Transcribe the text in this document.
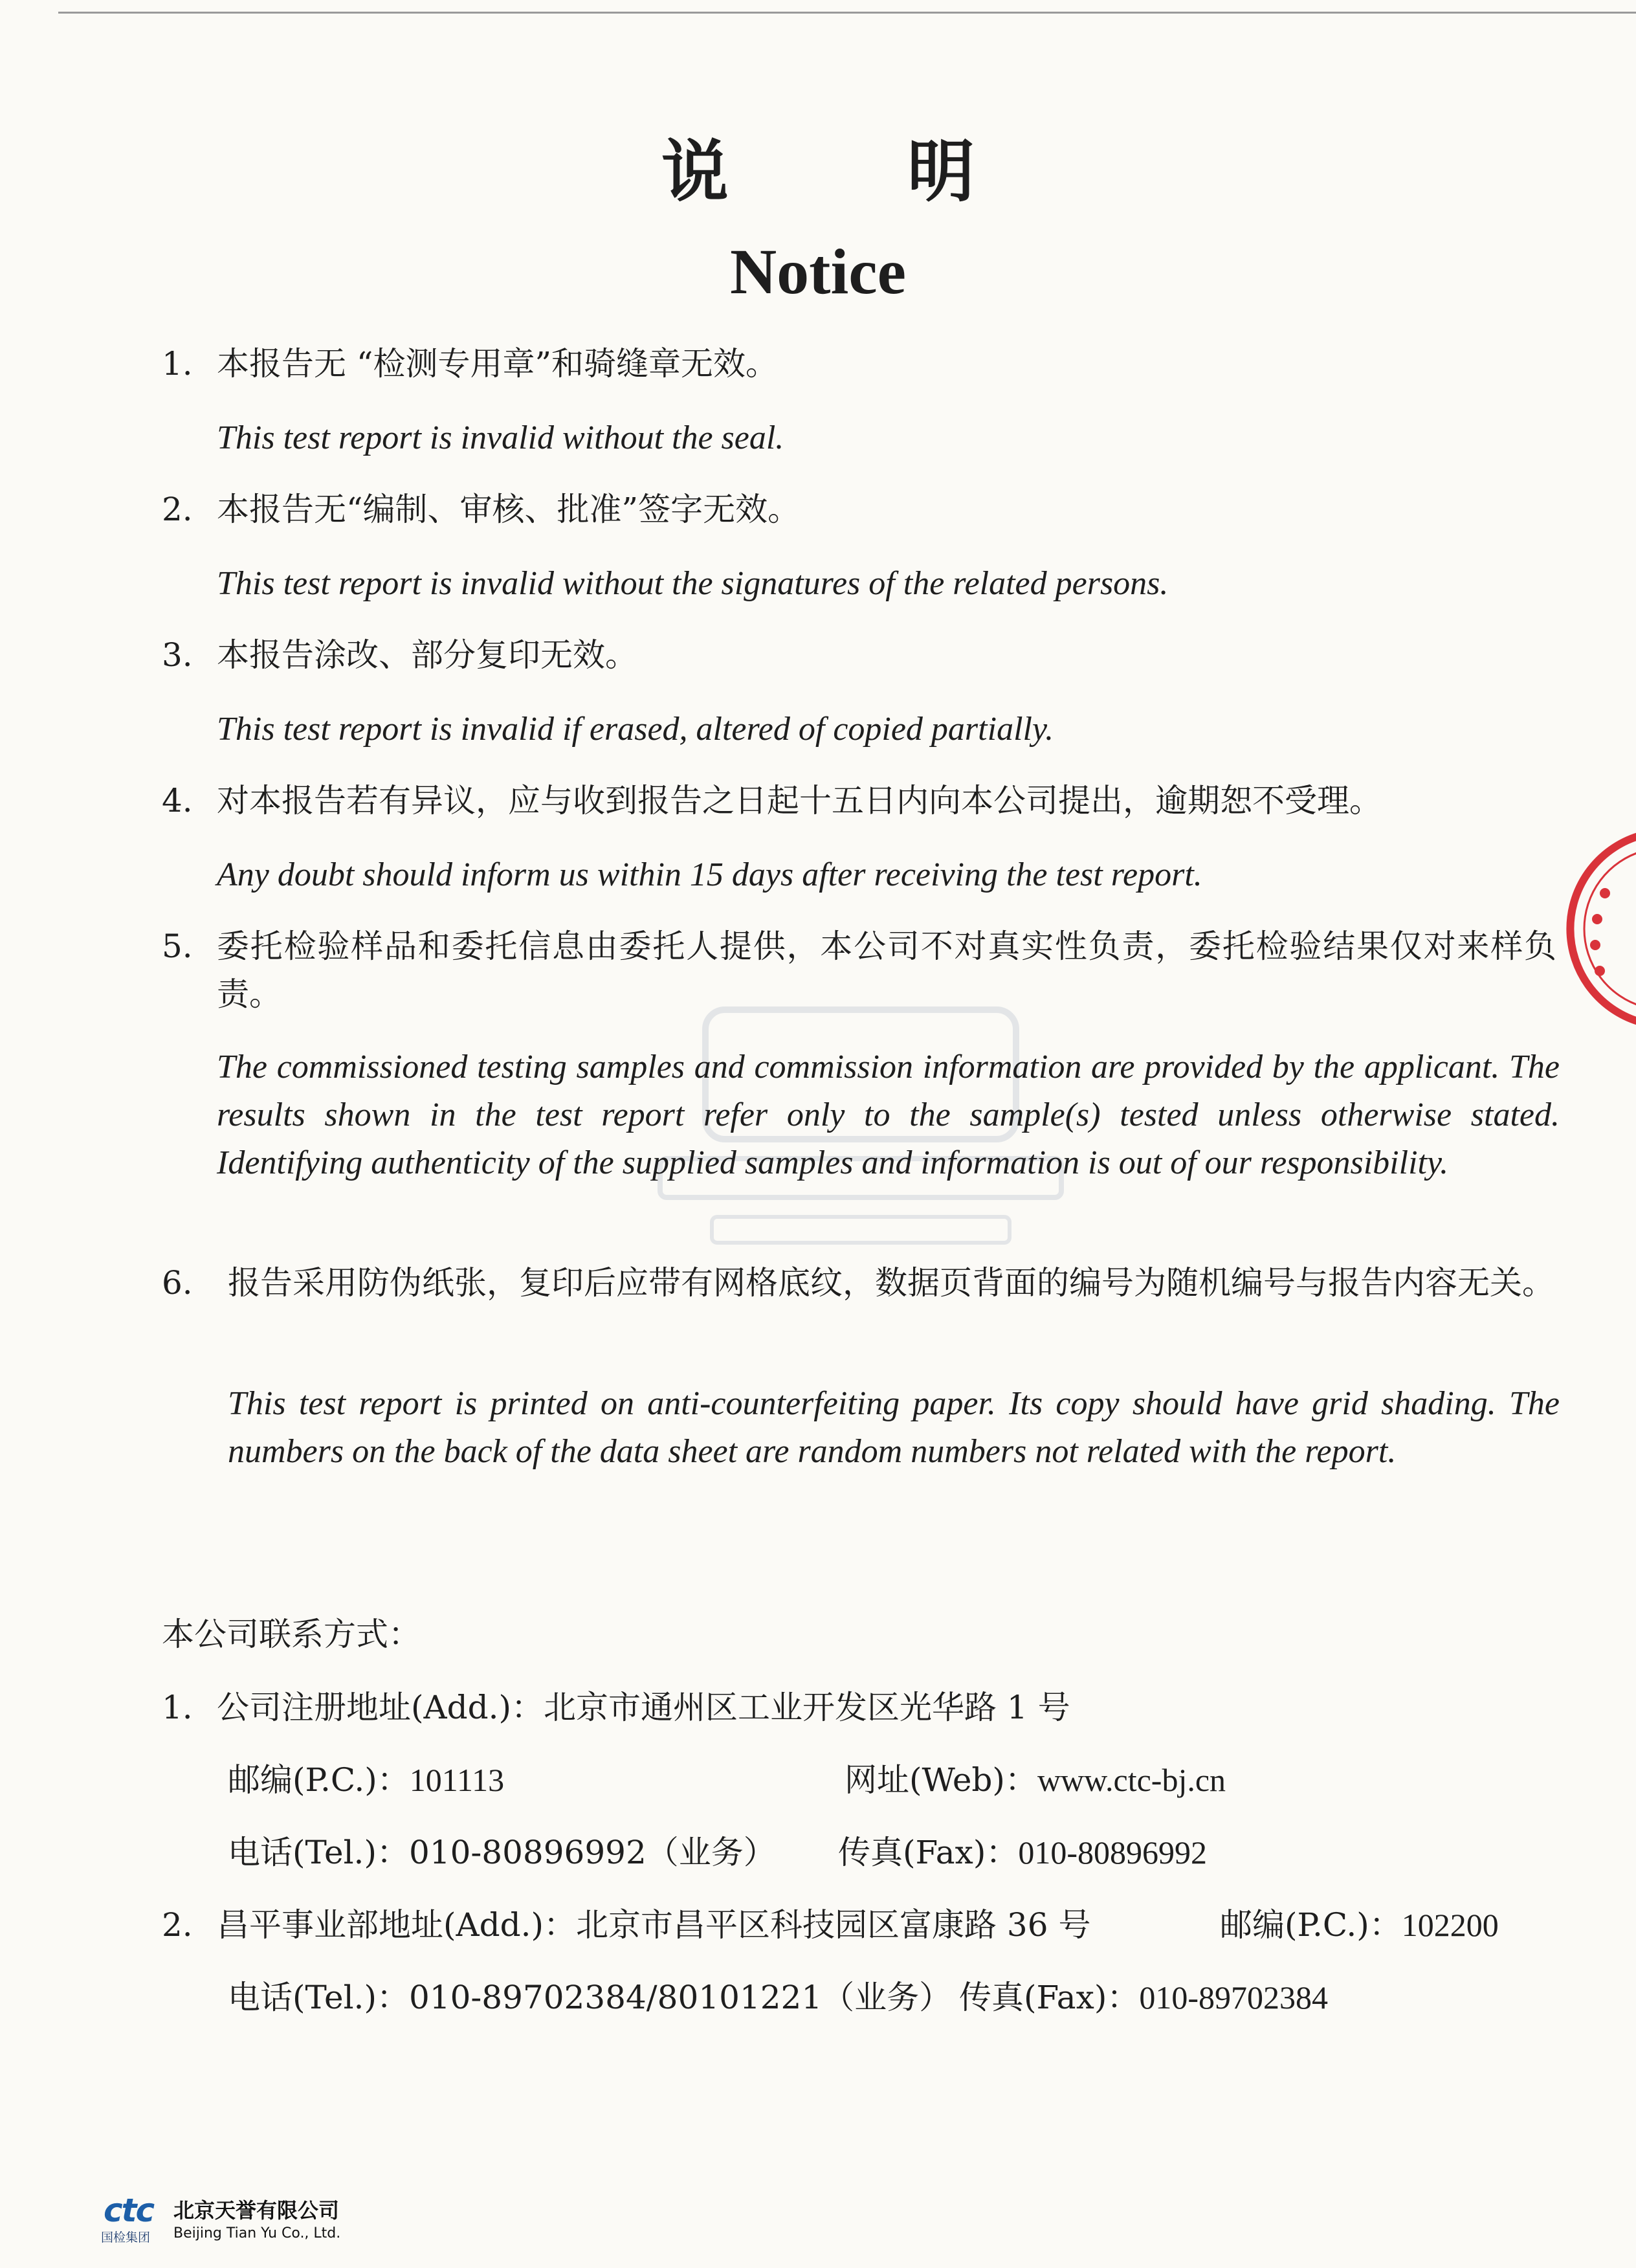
说 明
Notice
1. 本报告无 “检测专用章”和骑缝章无效。
This test report is invalid without the seal.
2. 本报告无“编制、审核、批准”签字无效。
This test report is invalid without the signatures of the related persons.
3. 本报告涂改、部分复印无效。
This test report is invalid if erased, altered of copied partially.
4. 对本报告若有异议，应与收到报告之日起十五日内向本公司提出，逾期恕不受理。
Any doubt should inform us within 15 days after receiving the test report.
5. 委托检验样品和委托信息由委托人提供，本公司不对真实性负责，委托检验结果仅对来样负责。
The commissioned testing samples and commission information are provided by the applicant. The results shown in the test report refer only to the sample(s) tested unless otherwise stated. Identifying authenticity of the supplied samples and information is out of our responsibility.
6. 报告采用防伪纸张，复印后应带有网格底纹，数据页背面的编号为随机编号与报告内容无关。
This test report is printed on anti-counterfeiting paper. Its copy should have grid shading. The numbers on the back of the data sheet are random numbers not related with the report.
本公司联系方式：
1. 公司注册地址(Add.)：北京市通州区工业开发区光华路 1 号
邮编(P.C.)：101113	网址(Web)：www.ctc-bj.cn
电话(Tel.)：010-80896992（业务） 传真(Fax)：010-80896992
2. 昌平事业部地址(Add.)：北京市昌平区科技园区富康路 36 号	邮编(P.C.)：102200
电话(Tel.)：010-89702384/80101221（业务） 传真(Fax)：010-89702384
ctc
国检集团
北京天誉有限公司
Beijing Tian Yu Co., Ltd.
